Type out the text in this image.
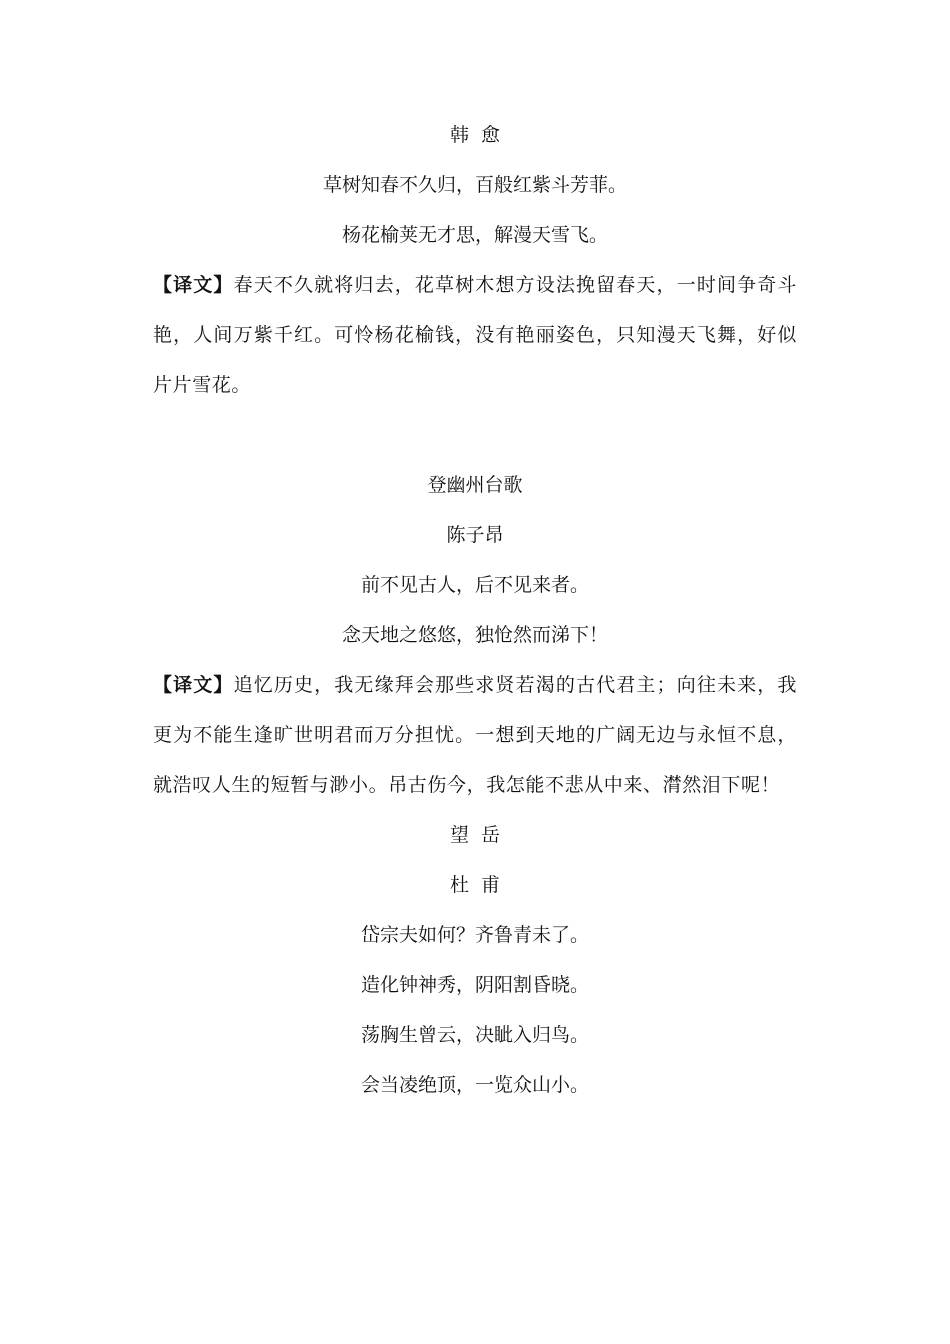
韩  愈
草树知春不久归，百般红紫斗芳菲。
杨花榆荚无才思，解漫天雪飞。

【译文】春天不久就将归去，花草树木想方设法挽留春天，一时间争奇斗艳，人间万紫千红。可怜杨花榆钱，没有艳丽姿色，只知漫天飞舞，好似片片雪花。

登幽州台歌
陈子昂
前不见古人，后不见来者。
念天地之悠悠，独怆然而涕下！

【译文】追忆历史，我无缘拜会那些求贤若渴的古代君主；向往未来，我更为不能生逢旷世明君而万分担忧。一想到天地的广阔无边与永恒不息，就浩叹人生的短暂与渺小。吊古伤今，我怎能不悲从中来、潸然泪下呢！

望  岳
杜  甫
岱宗夫如何？齐鲁青未了。
造化钟神秀，阴阳割昏晓。
荡胸生曾云，决眦入归鸟。
会当凌绝顶，一览众山小。
